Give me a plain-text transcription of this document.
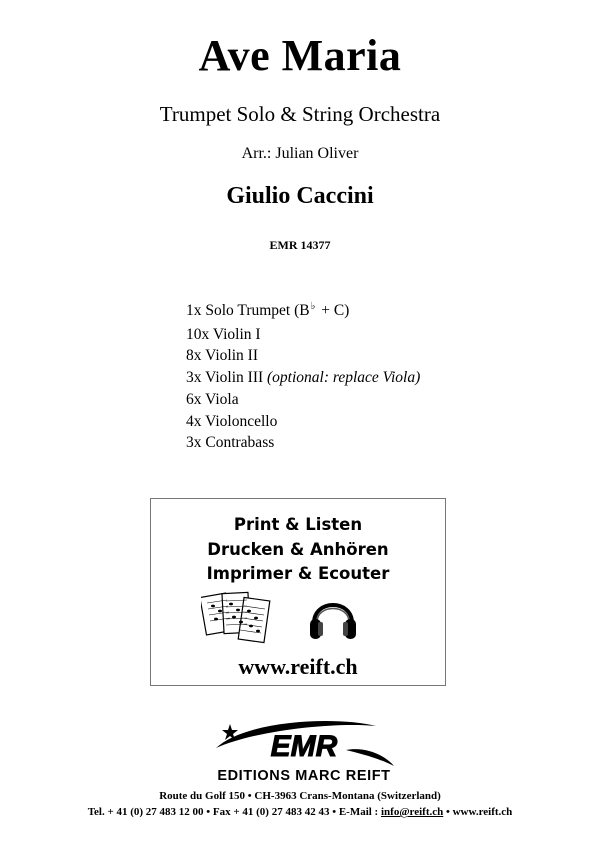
Ave Maria
Trumpet Solo & String Orchestra
Arr.: Julian Oliver
Giulio Caccini
EMR 14377
1x Solo Trumpet (B♭ + C)
10x Violin I
8x Violin II
3x Violin III (optional: replace Viola)
6x Viola
4x Violoncello
3x Contrabass
Print & Listen
Drucken & Anhören
Imprimer & Ecouter
www.reift.ch
EMR
EDITIONS MARC REIFT
Route du Golf 150 • CH-3963 Crans-Montana (Switzerland)
Tel. + 41 (0) 27 483 12 00 • Fax + 41 (0) 27 483 42 43 • E-Mail : info@reift.ch • www.reift.ch
